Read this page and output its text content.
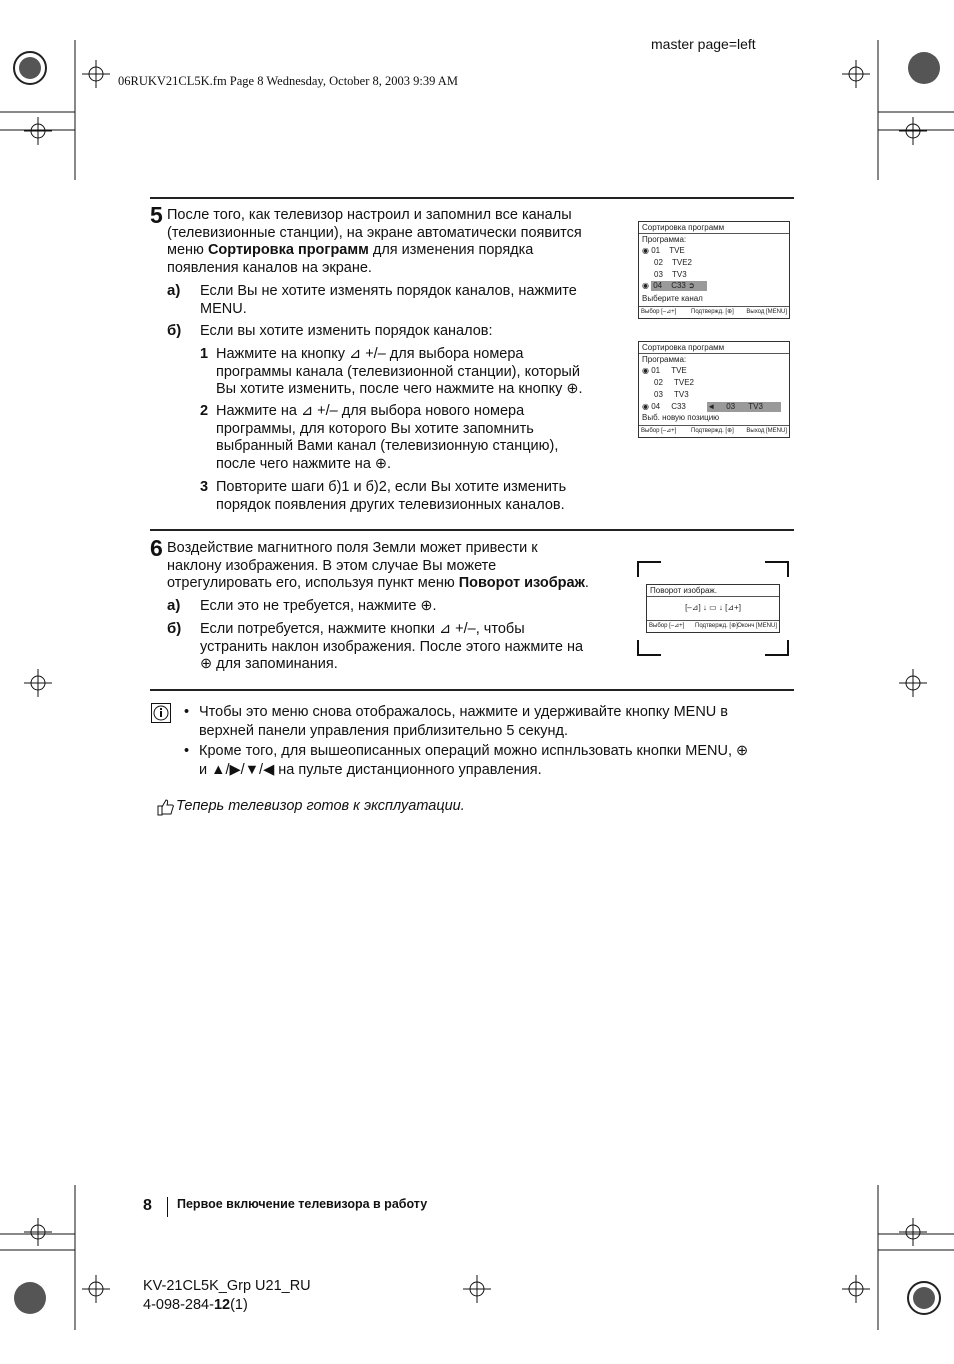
master page=left
06RUKV21CL5K.fm Page 8 Wednesday, October 8, 2003 9:39 AM
5 После того, как телевизор настроил и запомнил все каналы
(телевизионные станции), на экране автоматически появится
меню Сортировка программ для изменения порядка
появления каналов на экране.
а) Если Вы не хотите изменять порядок каналов, нажмите
MENU.
б) Если вы хотите изменить порядок каналов:
1 Нажмите на кнопку ⊿ +/– для выбора номера
программы канала (телевизионной станции), который
Вы хотите изменить, после чего нажмите на кнопку ⊕.
2 Нажмите на ⊿ +/– для выбора нового номера
программы, для которого Вы хотите запомнить
выбранный Вами канал (телевизионную станцию),
после чего нажмите на ⊕.
3 Повторите шаги б)1 и б)2, если Вы хотите изменить
порядок появления других телевизионных каналов.
Сортировка программ
Программа:
◉ 01 TVE
02 TVE2
03 TV3
◉ 04 C33 ➲
Выберите канал
Выбор [–⊿+] Подтвержд. [⊕] Выход [MENU]
Сортировка программ
Программа:
◉ 01 TVE
02 TVE2
03 TV3
◉ 04 C33	◄     03 TV3
Выб. новую позицию
Выбор [–⊿+] Подтвержд. [⊕] Выход [MENU]
6 Воздействие магнитного поля Земли может привести к
наклону изображения. В этом случае Вы можете
отрегулировать его, используя пункт меню Поворот изображ.
а) Если это не требуется, нажмите ⊕.
б) Если потребуется, нажмите кнопки ⊿ +/–, чтобы
устранить наклон изображения. После этого нажмите на
⊕ для запоминания.
Поворот изображ.
[–⊿] ↓ ▭ ↓ [⊿+]
Выбор [–⊿+] Подтвержд. [⊕] Оконч [MENU]
• Чтобы это меню снова отображалось, нажмите и удерживайте кнопку MENU в
верхней панели управления приблизительно 5 секунд.
• Кроме того, для вышеописанных операций можно испнльзовать кнопки MENU, ⊕
и ▲/▶/▼/◀ на пульте дистанционного управления.
Теперь телевизор готов к эксплуатации.
8 Первое включение телевизора в работу
KV-21CL5K_Grp U21_RU
4-098-284-12(1)
